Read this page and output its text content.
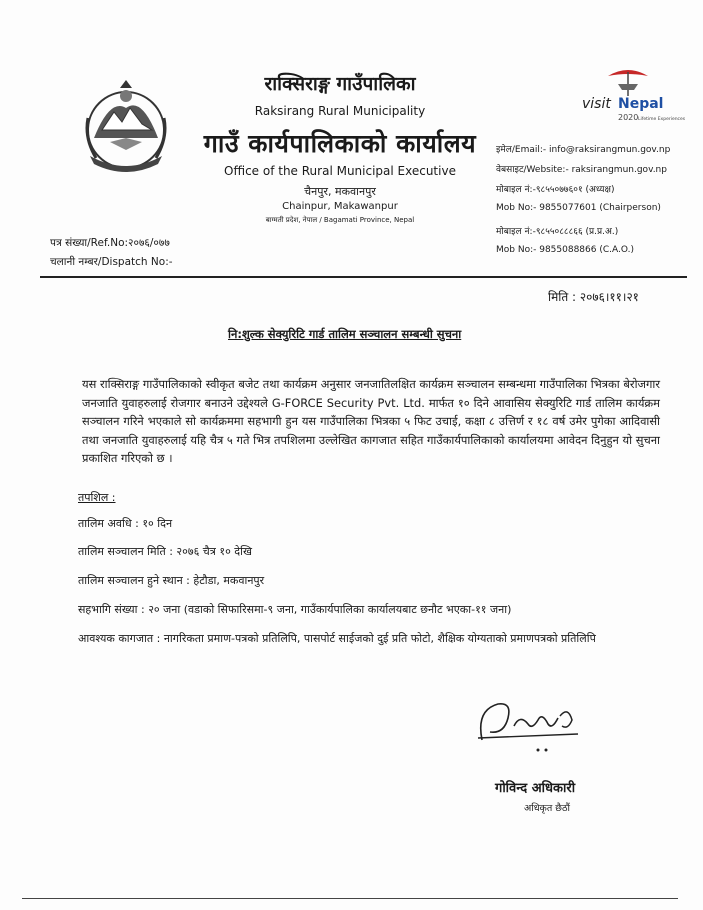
visit Nepal
2020 Lifetime Experiences
राक्सिराङ्ग गाउँपालिका
Raksirang Rural Municipality
गाउँ कार्यपालिकाको कार्यालय
Office of the Rural Municipal Executive
चैनपुर, मकवानपुर
Chainpur, Makawanpur
बाग्मती प्रदेश, नेपाल / Bagamati Province, Nepal
इमेल/Email:- info@raksirangmun.gov.np
वेबसाइट/Website:- raksirangmun.gov.np
मोबाइल नं:-९८५५०७७६०१ (अध्यक्ष)
Mob No:- 9855077601 (Chairperson)
मोबाइल नं:-९८५५०८८८६६ (प्र.प्र.अ.)
Mob No:- 9855088866 (C.A.O.)
पत्र संख्या/Ref.No:२०७६/०७७
चलानी नम्बर/Dispatch No:-
मिति : २०७६।११।२१
नि:शुल्क सेक्युरिटि गार्ड तालिम सञ्चालन सम्बन्धी सुचना
यस राक्सिराङ्ग गाउँपालिकाको स्वीकृत बजेट तथा कार्यक्रम अनुसार जनजातिलक्षित कार्यक्रम सञ्चालन सम्बन्धमा गाउँपालिका भित्रका बेरोजगार जनजाति युवाहरुलाई रोजगार बनाउने उद्देश्यले G-FORCE Security Pvt. Ltd. मार्फत १० दिने आवासिय सेक्युरिटि गार्ड तालिम कार्यक्रम सञ्चालन गरिने भएकाले सो कार्यक्रममा सहभागी हुन यस गाउँपालिका भित्रका ५ फिट उचाई, कक्षा ८ उत्तिर्ण र १८ वर्ष उमेर पुगेका आदिवासी तथा जनजाति युवाहरुलाई यहि चैत्र ५ गते भित्र तपशिलमा उल्लेखित कागजात सहित गाउँकार्यपालिकाको कार्यालयमा आवेदन दिनुहुन यो सुचना प्रकाशित गरिएको छ ।
तपशिल :
तालिम अवधि : १० दिन
तालिम सञ्चालन मिति : २०७६ चैत्र १० देखि
तालिम सञ्चालन हुने स्थान : हेटौडा, मकवानपुर
सहभागि संख्या : २० जना (वडाको सिफारिसमा-९ जना, गाउँकार्यपालिका कार्यालयबाट छनौट भएका-११ जना)
आवश्यक कागजात : नागरिकता प्रमाण-पत्रको प्रतिलिपि, पासपोर्ट साईजको दुई प्रति फोटो, शैक्षिक योग्यताको प्रमाणपत्रको प्रतिलिपि
गोविन्द अधिकारी
अधिकृत छैठौं
